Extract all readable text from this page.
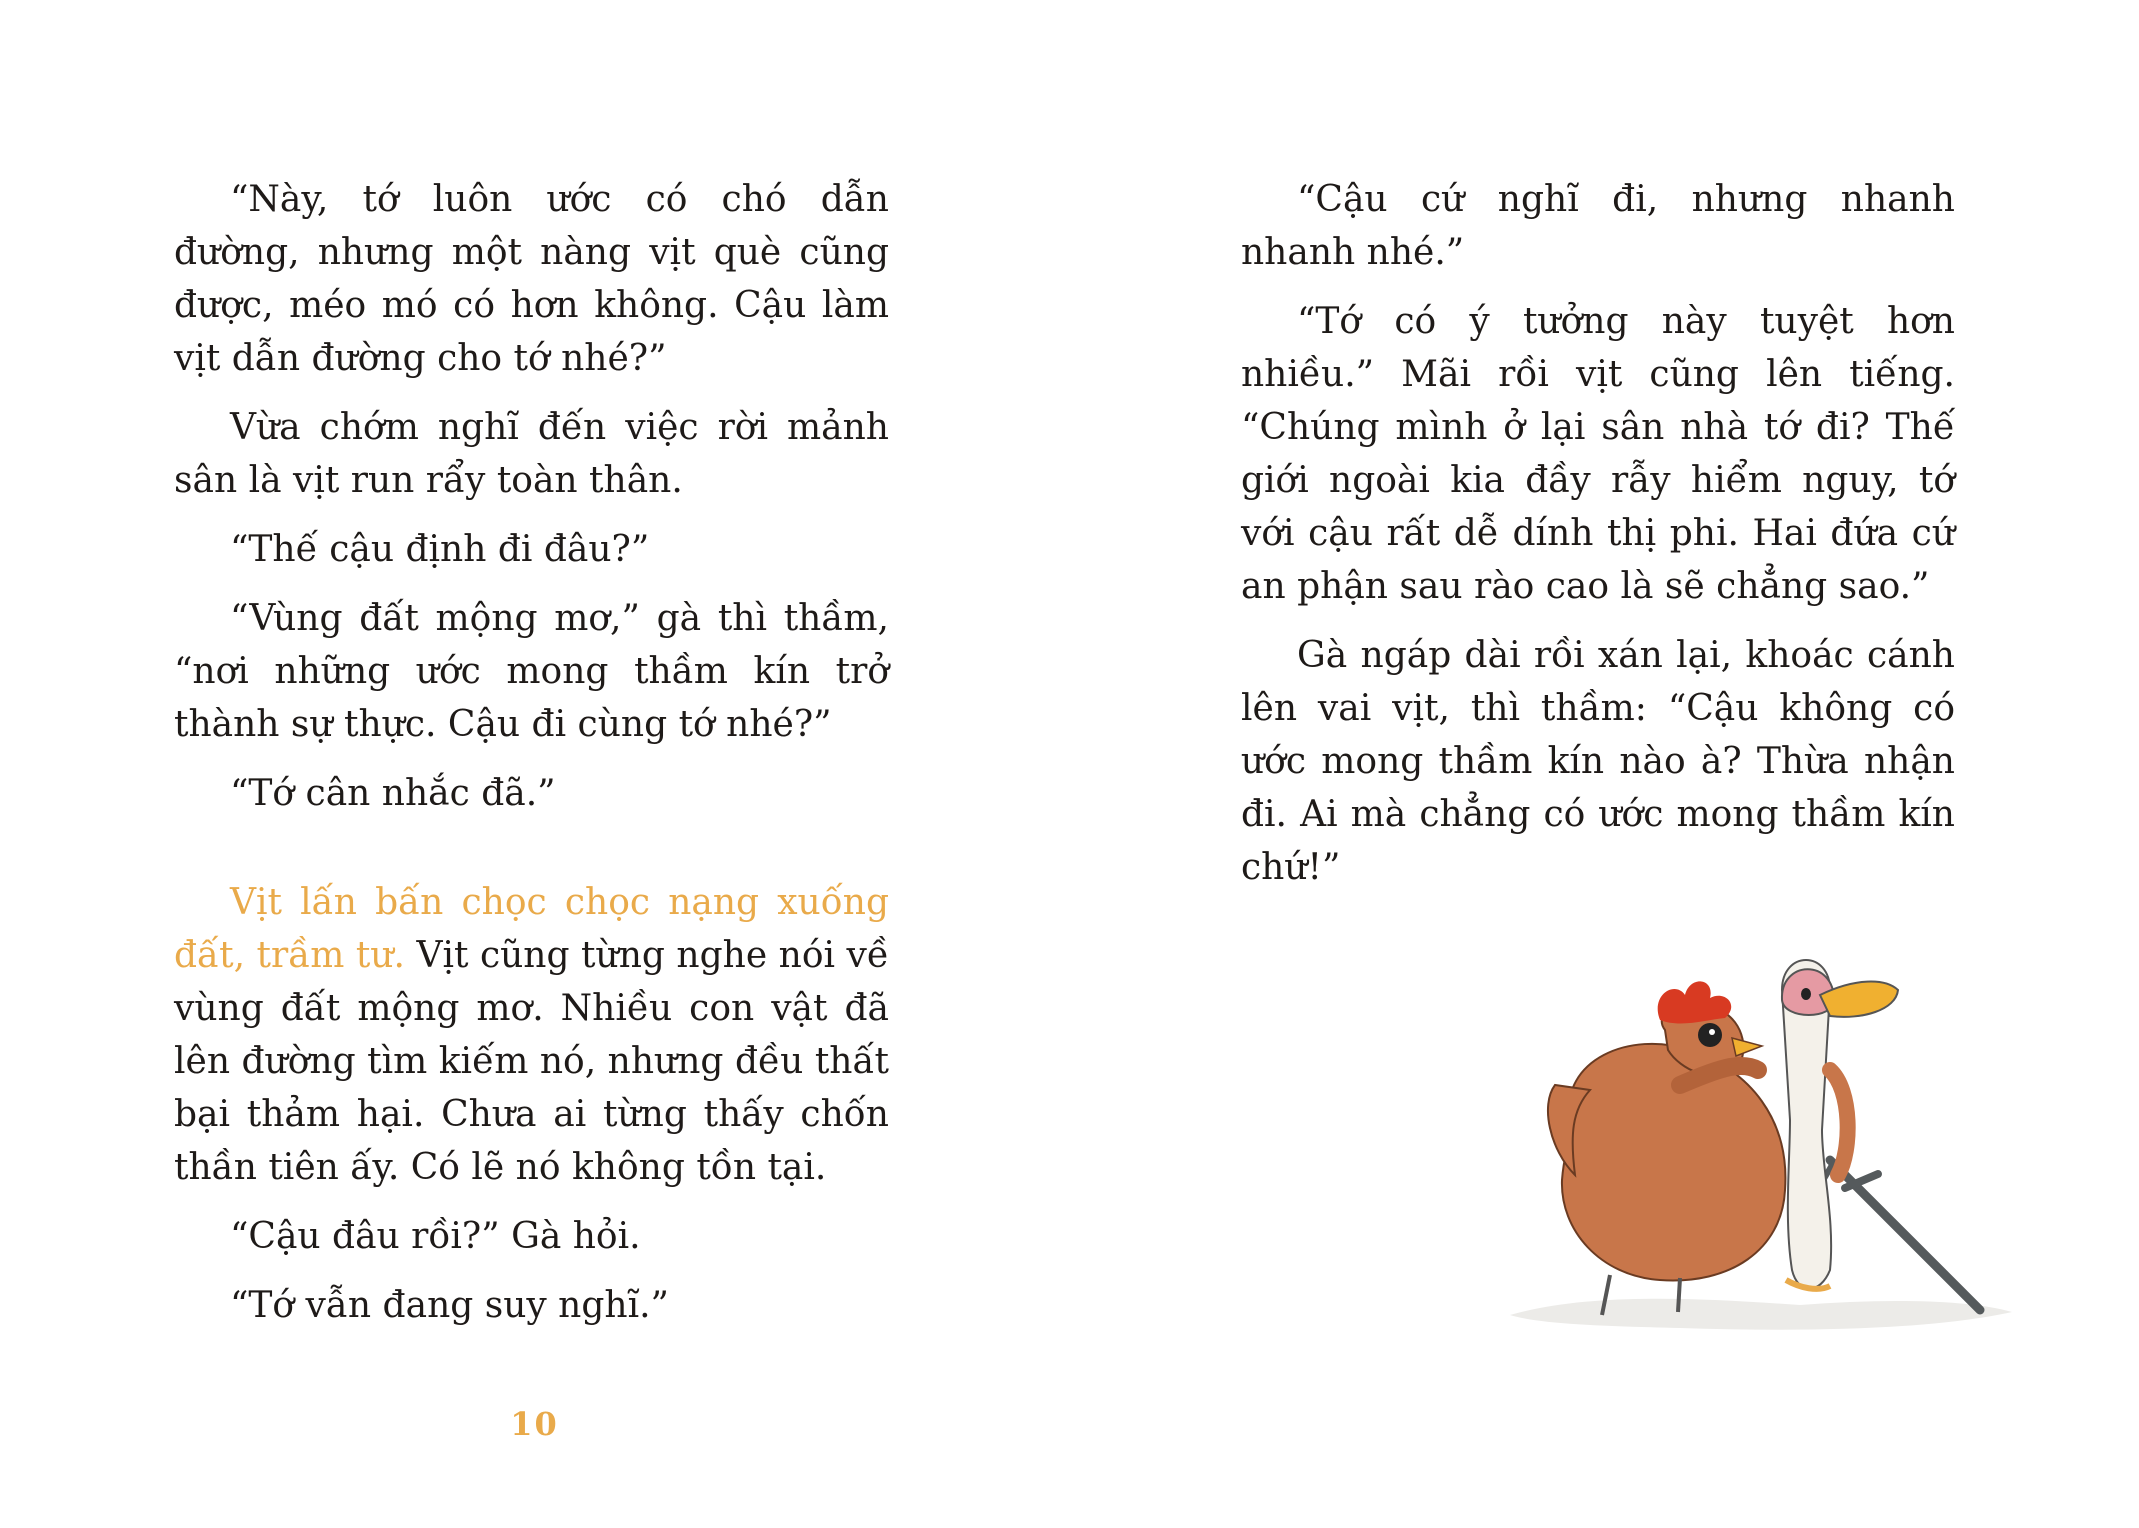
“Này, tớ luôn ước có chó dẫn đường, nhưng một nàng vịt què cũng được, méo mó có hơn không. Cậu làm vịt dẫn đường cho tớ nhé?”

Vừa chớm nghĩ đến việc rời mảnh sân là vịt run rẩy toàn thân.

“Thế cậu định đi đâu?”

“Vùng đất mộng mơ,” gà thì thầm, “nơi những ước mong thầm kín trở thành sự thực. Cậu đi cùng tớ nhé?”

“Tớ cân nhắc đã.”

Vịt lấn bấn chọc chọc nạng xuống đất, trầm tư. Vịt cũng từng nghe nói về vùng đất mộng mơ. Nhiều con vật đã lên đường tìm kiếm nó, nhưng đều thất bại thảm hại. Chưa ai từng thấy chốn thần tiên ấy. Có lẽ nó không tồn tại.

“Cậu đâu rồi?” Gà hỏi.

“Tớ vẫn đang suy nghĩ.”

10

“Cậu cứ nghĩ đi, nhưng nhanh nhanh nhé.”

“Tớ có ý tưởng này tuyệt hơn nhiều.” Mãi rồi vịt cũng lên tiếng. “Chúng mình ở lại sân nhà tớ đi? Thế giới ngoài kia đầy rẫy hiểm nguy, tớ với cậu rất dễ dính thị phi. Hai đứa cứ an phận sau rào cao là sẽ chẳng sao.”

Gà ngáp dài rồi xán lại, khoác cánh lên vai vịt, thì thầm: “Cậu không có ước mong thầm kín nào à? Thừa nhận đi. Ai mà chẳng có ước mong thầm kín chứ!”
